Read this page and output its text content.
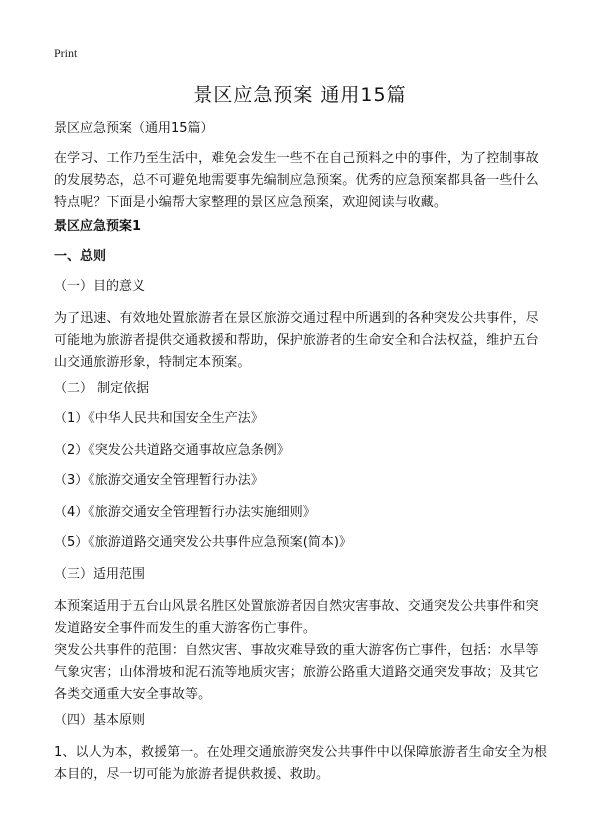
Print
景区应急预案 通用15篇
景区应急预案（通用15篇）
在学习、工作乃至生活中，难免会发生一些不在自己预料之中的事件，为了控制事故的发展势态，总不可避免地需要事先编制应急预案。优秀的应急预案都具备一些什么特点呢？下面是小编帮大家整理的景区应急预案，欢迎阅读与收藏。
景区应急预案1
一、总则
（一）目的意义
为了迅速、有效地处置旅游者在景区旅游交通过程中所遇到的各种突发公共事件，尽可能地为旅游者提供交通救援和帮助，保护旅游者的生命安全和合法权益，维护五台山交通旅游形象，特制定本预案。
（二） 制定依据
（1）《中华人民共和国安全生产法》
（2）《突发公共道路交通事故应急条例》
（3）《旅游交通安全管理暂行办法》
（4）《旅游交通安全管理暂行办法实施细则》
（5）《旅游道路交通突发公共事件应急预案(简本)》
（三）适用范围
本预案适用于五台山风景名胜区处置旅游者因自然灾害事故、交通突发公共事件和突发道路安全事件而发生的重大游客伤亡事件。
突发公共事件的范围：自然灾害、事故灾难导致的重大游客伤亡事件，包括：水旱等气象灾害；山体滑坡和泥石流等地质灾害；旅游公路重大道路交通突发事故；及其它各类交通重大安全事故等。
（四）基本原则
1、以人为本，救援第一。在处理交通旅游突发公共事件中以保障旅游者生命安全为根本目的，尽一切可能为旅游者提供救援、救助。
